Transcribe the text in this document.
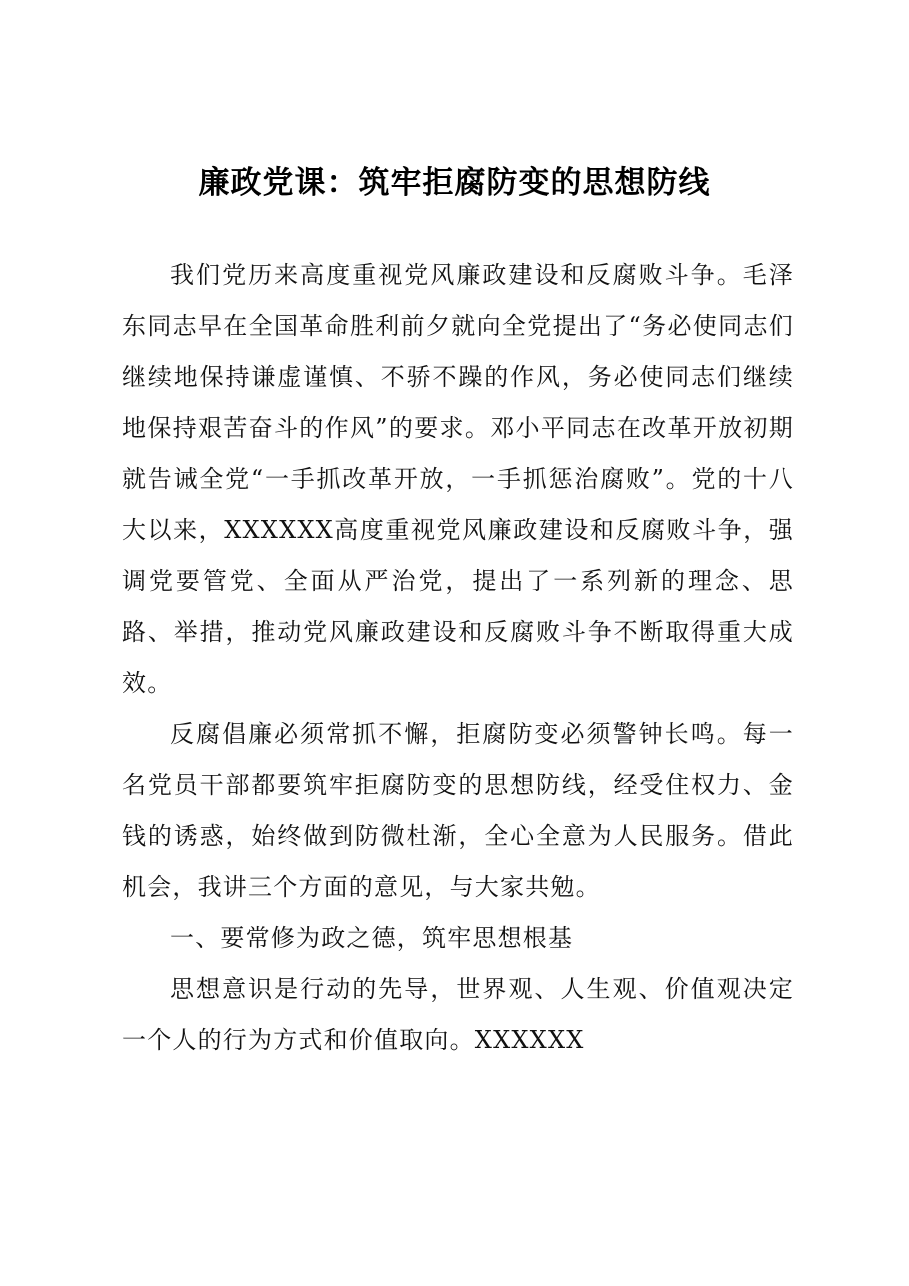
廉政党课：筑牢拒腐防变的思想防线

我们党历来高度重视党风廉政建设和反腐败斗争。毛泽东同志早在全国革命胜利前夕就向全党提出了“务必使同志们继续地保持谦虚谨慎、不骄不躁的作风，务必使同志们继续地保持艰苦奋斗的作风”的要求。邓小平同志在改革开放初期就告诫全党“一手抓改革开放，一手抓惩治腐败”。党的十八大以来，XXXXXX高度重视党风廉政建设和反腐败斗争，强调党要管党、全面从严治党，提出了一系列新的理念、思路、举措，推动党风廉政建设和反腐败斗争不断取得重大成效。

反腐倡廉必须常抓不懈，拒腐防变必须警钟长鸣。每一名党员干部都要筑牢拒腐防变的思想防线，经受住权力、金钱的诱惑，始终做到防微杜渐，全心全意为人民服务。借此机会，我讲三个方面的意见，与大家共勉。

一、要常修为政之德，筑牢思想根基

思想意识是行动的先导，世界观、人生观、价值观决定一个人的行为方式和价值取向。XXXXXX
